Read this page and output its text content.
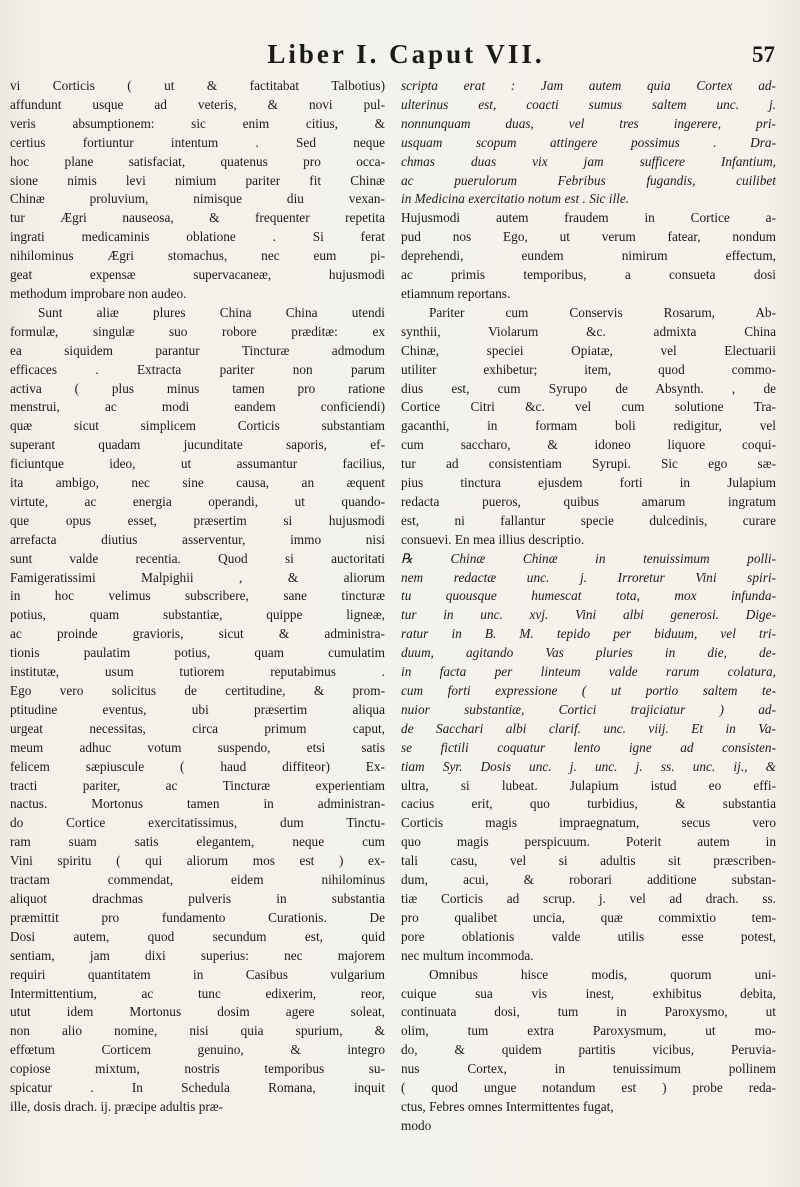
Liber I. Caput VII.	57

vi Corticis ( ut & factitabat Talbotius)

affundunt usque ad veteris, & novi pul-

veris absumptionem: sic enim citius, &

certius fortiuntur intentum . Sed neque

hoc plane satisfaciat, quatenus pro occa-

sione nimis levi nimium pariter fit Chinæ

Chinæ proluvium, nimisque diu vexan-

tur Ægri nauseosa, & frequenter repetita

ingrati medicaminis oblatione . Si ferat

nihilominus Ægri stomachus, nec eum pi-

geat expensæ supervacaneæ, hujusmodi

methodum improbare non audeo.

Sunt aliæ plures China China utendi

formulæ, singulæ suo robore præditæ: ex

ea siquidem parantur Tincturæ admodum

efficaces . Extracta pariter non parum

activa ( plus minus tamen pro ratione

menstrui, ac modi eandem conficiendi)

quæ sicut simplicem Corticis substantiam

superant quadam jucunditate saporis, ef-

ficiuntque ideo, ut assumantur facilius,

ita ambigo, nec sine causa, an æquent

virtute, ac energia operandi, ut quando-

que opus esset, præsertim si hujusmodi

arrefacta diutius asserventur, immo nisi

sunt valde recentia. Quod si auctoritati

Famigeratissimi Malpighii , & aliorum

in hoc velimus subscribere, sane tincturæ

potius, quam substantiæ, quippe ligneæ,

ac proinde gravioris, sicut & administra-

tionis paulatim potius, quam cumulatim

institutæ, usum tutiorem reputabimus .

Ego vero solicitus de certitudine, & prom-

ptitudine eventus, ubi præsertim aliqua

urgeat necessitas, circa primum caput,

meum adhuc votum suspendo, etsi satis

felicem sæpiuscule ( haud diffiteor) Ex-

tracti pariter, ac Tincturæ experientiam

nactus. Mortonus tamen in administran-

do Cortice exercitatissimus, dum Tinctu-

ram suam satis elegantem, neque cum

Vini spiritu ( qui aliorum mos est ) ex-

tractam commendat, eidem nihilominus

aliquot drachmas pulveris in substantia

præmittit pro fundamento Curationis. De

Dosi autem, quod secundum est, quid

sentiam, jam dixi superius: nec majorem

requiri quantitatem in Casibus vulgarium

Intermittentium, ac tunc edixerim, reor,

utut idem Mortonus dosim agere soleat,

non alio nomine, nisi quia spurium, &

effœtum Corticem genuino, & integro

copiose mixtum, nostris temporibus su-

spicatur . In Schedula Romana, inquit

ille, dosis drach. ij. præcipe adultis præ-

scripta erat : Jam autem quia Cortex ad-

ulterinus est, coacti sumus saltem unc. j.

nonnunquam duas, vel tres ingerere, pri-

usquam scopum attingere possimus . Dra-

chmas duas vix jam sufficere Infantium,

ac puerulorum Febribus fugandis, cuilibet

in Medicina exercitatio notum est . Sic ille.

Hujusmodi autem fraudem in Cortice a-

pud nos Ego, ut verum fatear, nondum

deprehendi, eundem nimirum effectum,

ac primis temporibus, a consueta dosi

etiamnum reportans.

Pariter cum Conservis Rosarum, Ab-

synthii, Violarum &c. admixta China

Chinæ, speciei Opiatæ, vel Electuarii

utiliter exhibetur; item, quod commo-

dius est, cum Syrupo de Absynth. , de

Cortice Citri &c. vel cum solutione Tra-

gacanthi, in formam boli redigitur, vel

cum saccharo, & idoneo liquore coqui-

tur ad consistentiam Syrupi. Sic ego sæ-

pius tinctura ejusdem forti in Julapium

redacta pueros, quibus amarum ingratum

est, ni fallantur specie dulcedinis, curare

consuevi. En mea illius descriptio.

℞ Chinæ Chinæ in tenuissimum polli-

nem redactæ unc. j. Irroretur Vini spiri-

tu quousque humescat tota, mox infunda-

tur in unc. xvj. Vini albi generosi. Dige-

ratur in B. M. tepido per biduum, vel tri-

duum, agitando Vas pluries in die, de-

in facta per linteum valde rarum colatura,

cum forti expressione ( ut portio saltem te-

nuior substantiæ, Cortici trajiciatur ) ad-

de Sacchari albi clarif. unc. viij. Et in Va-

se fictili coquatur lento igne ad consisten-

tiam Syr. Dosis unc. j. unc. j. ss. unc. ij., &

ultra, si lubeat. Julapium istud eo effi-

cacius erit, quo turbidius, & substantia

Corticis magis impraegnatum, secus vero

quo magis perspicuum. Poterit autem in

tali casu, vel si adultis sit præscriben-

dum, acui, & roborari additione substan-

tiæ Corticis ad scrup. j. vel ad drach. ss.

pro qualibet uncia, quæ commixtio tem-

pore oblationis valde utilis esse potest,

nec multum incommoda.

Omnibus hisce modis, quorum uni-

cuique sua vis inest, exhibitus debita,

continuata dosi, tum in Paroxysmo, ut

olim, tum extra Paroxysmum, ut mo-

do, & quidem partitis vicibus, Peruvia-

nus Cortex, in tenuissimum pollinem

( quod ungue notandum est ) probe reda-

ctus, Febres omnes Intermittentes fugat,

modo
